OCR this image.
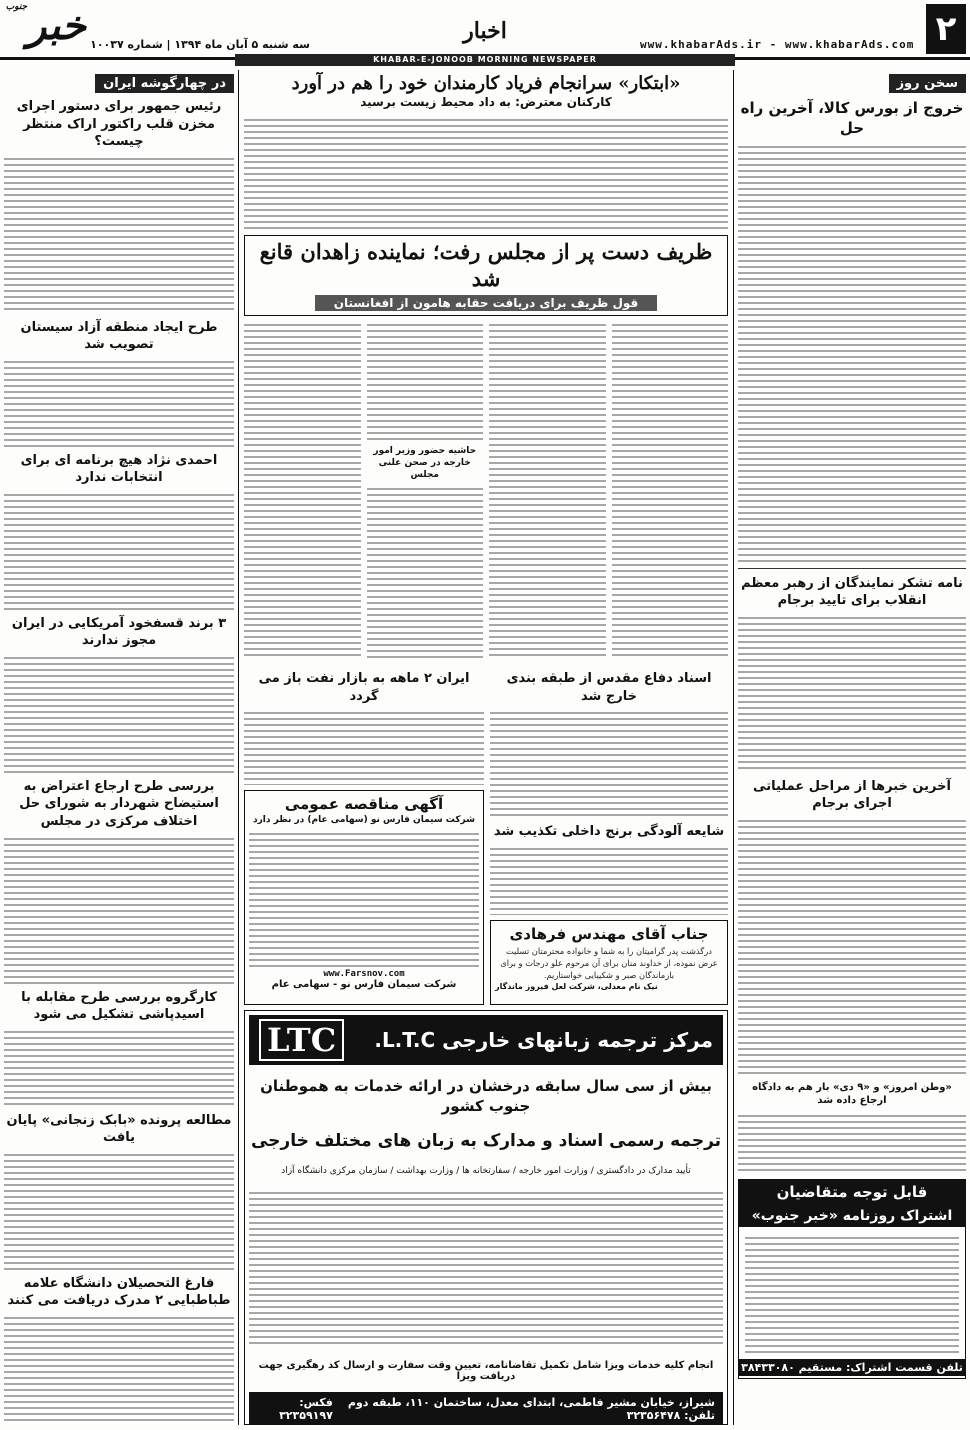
۲
www.khabarAds.ir - www.khabarAds.com
اخبار
خبر$^{جنوب}$
سه شنبه ۵ آبان ماه ۱۳۹۴ | شماره ۱۰۰۳۷
KHABAR-E-JONOOB MORNING NEWSPAPER
سخن روز
خروج از بورس کالا، آخرین راه حل
نامه تشکر نمایندگان از رهبر معظم انقلاب برای تایید برجام
آخرین خبرها از مراحل عملیاتی اجرای برجام
«وطن امروز» و «۹ دی» بار هم به دادگاه ارجاع داده شد
قابل توجه متقاضیان
اشتراک روزنامه «خبر جنوب»
تلفن قسمت اشتراک: مستقیم ۳۸۴۳۳۰۸۰
«ابتکار» سرانجام فریاد کارمندان خود را هم در آورد
کارکنان معترض: به داد محیط زیست برسید
ظریف دست پر از مجلس رفت؛ نماینده زاهدان قانع شد
قول ظریف برای دریافت حقابه هامون از افغانستان
حاشیه حضور وزیر امور خارجه در صحن علنی مجلس
اسناد دفاع مقدس از طبقه بندی خارج شد
شایعه آلودگی برنج داخلی تکذیب شد
ایران ۲ ماهه به بازار نفت باز می گردد
آگهی مناقصه عمومی
شرکت سیمان فارس نو (سهامی عام) در نظر دارد
www.Farsnov.com
شرکت سیمان فارس نو - سهامی عام
جناب آقای مهندس فرهادی
درگذشت پدر گرامیتان را به شما و خانواده محترمتان تسلیت عرض نموده، از خداوند منان برای آن مرحوم علو درجات و برای بازماندگان صبر و شکیبایی خواستاریم.
نیک نام معدلی، شرکت لعل فیروز ماندگار
مرکز ترجمه زبانهای خارجی L.T.C.
LTC
بیش از سی سال سابقه درخشان در ارائه خدمات به هموطنان جنوب کشور
ترجمه رسمی اسناد و مدارک به زبان های مختلف خارجی
تأیید مدارک در دادگستری / وزارت امور خارجه / سفارتخانه ها / وزارت بهداشت / سازمان مرکزی دانشگاه آزاد
انجام کلیه خدمات ویزا شامل تکمیل تقاضانامه، تعیین وقت سفارت و ارسال کد رهگیری جهت دریافت ویزا
شیراز، خیابان مشیر فاطمی، ابتدای معدل، ساختمان ۱۱۰، طبقه دوم تلفن: ۳۲۳۵۶۴۷۸
فکس: ۳۲۳۵۹۱۹۷
در چهارگوشه ایران
رئیس جمهور برای دستور اجرای مخزن قلب راکتور اراک منتظر چیست؟
طرح ایجاد منطقه آزاد سیستان تصویب شد
احمدی نژاد هیچ برنامه ای برای انتخابات ندارد
۳ برند قسفخود آمریکایی در ایران مجوز ندارند
بررسی طرح ارجاع اعتراض به استیضاح شهردار به شورای حل اختلاف مرکزی در مجلس
کارگروه بررسی طرح مقابله با اسیدپاشی تشکیل می شود
مطالعه پرونده «بابک زنجانی» پایان یافت
فارغ التحصیلان دانشگاه علامه طباطبایی ۲ مدرک دریافت می کنند
